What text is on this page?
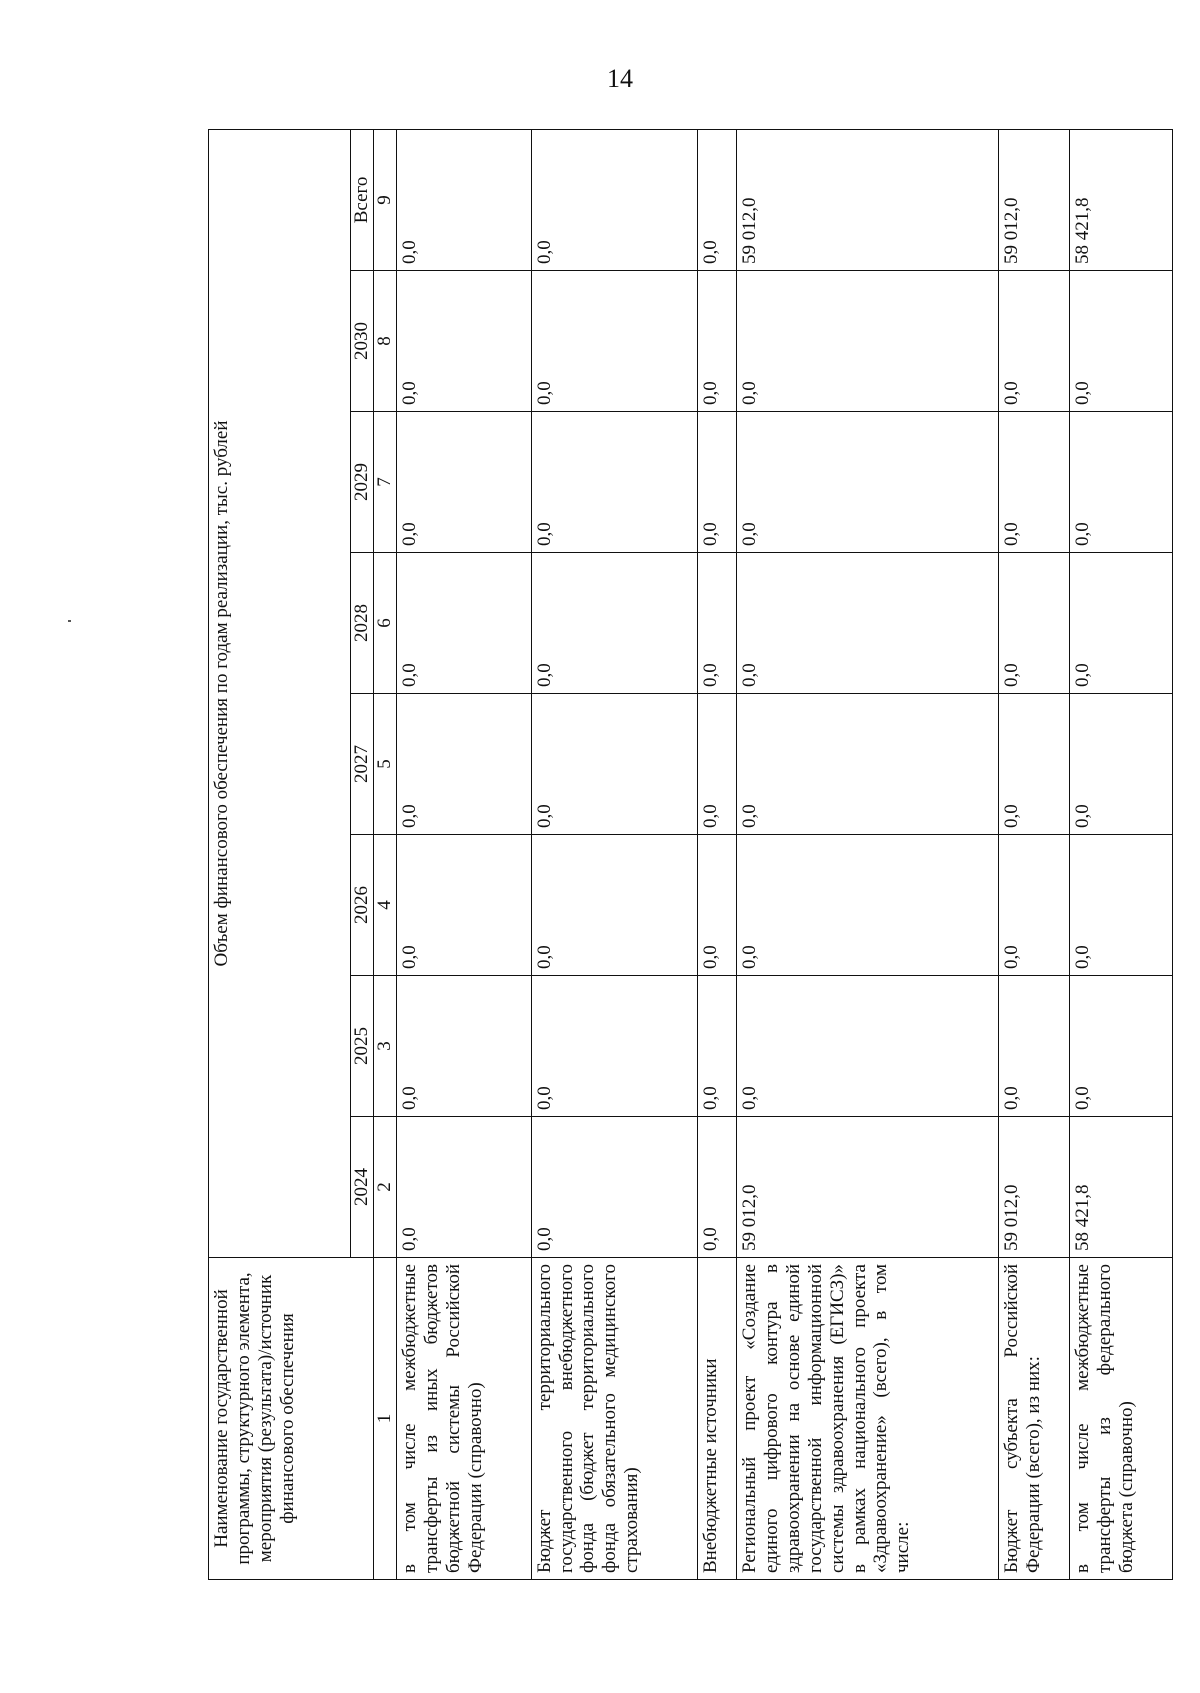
14
Наименование государственной программы, структурного элемента, мероприятия (результата)/источник финансового обеспечения	Объем финансового обеспечения по годам реализации, тыс. рублей							
	2024	2025	2026	2027	2028	2029	2030	Всего
1	2	3	4	5	6	7	8	9
в том числе межбюджетные трансферты из иных бюджетов бюджетной системы Российской Федерации (справочно)	0,0	0,0	0,0	0,0	0,0	0,0	0,0	0,0
Бюджет территориального государственного внебюджетного фонда (бюджет территориального фонда обязательного медицинского страхования)	0,0	0,0	0,0	0,0	0,0	0,0	0,0	0,0
Внебюджетные источники	0,0	0,0	0,0	0,0	0,0	0,0	0,0	0,0
Региональный проект «Создание единого цифрового контура в здравоохранении на основе единой государственной информационной системы здравоохранения (ЕГИСЗ)» в рамках национального проекта «Здравоохранение» (всего), в том числе:	59 012,0	0,0	0,0	0,0	0,0	0,0	0,0	59 012,0
Бюджет субъекта Российской Федерации (всего), из них:	59 012,0	0,0	0,0	0,0	0,0	0,0	0,0	59 012,0
в том числе межбюджетные трансферты из федерального бюджета (справочно)	58 421,8	0,0	0,0	0,0	0,0	0,0	0,0	58 421,8
